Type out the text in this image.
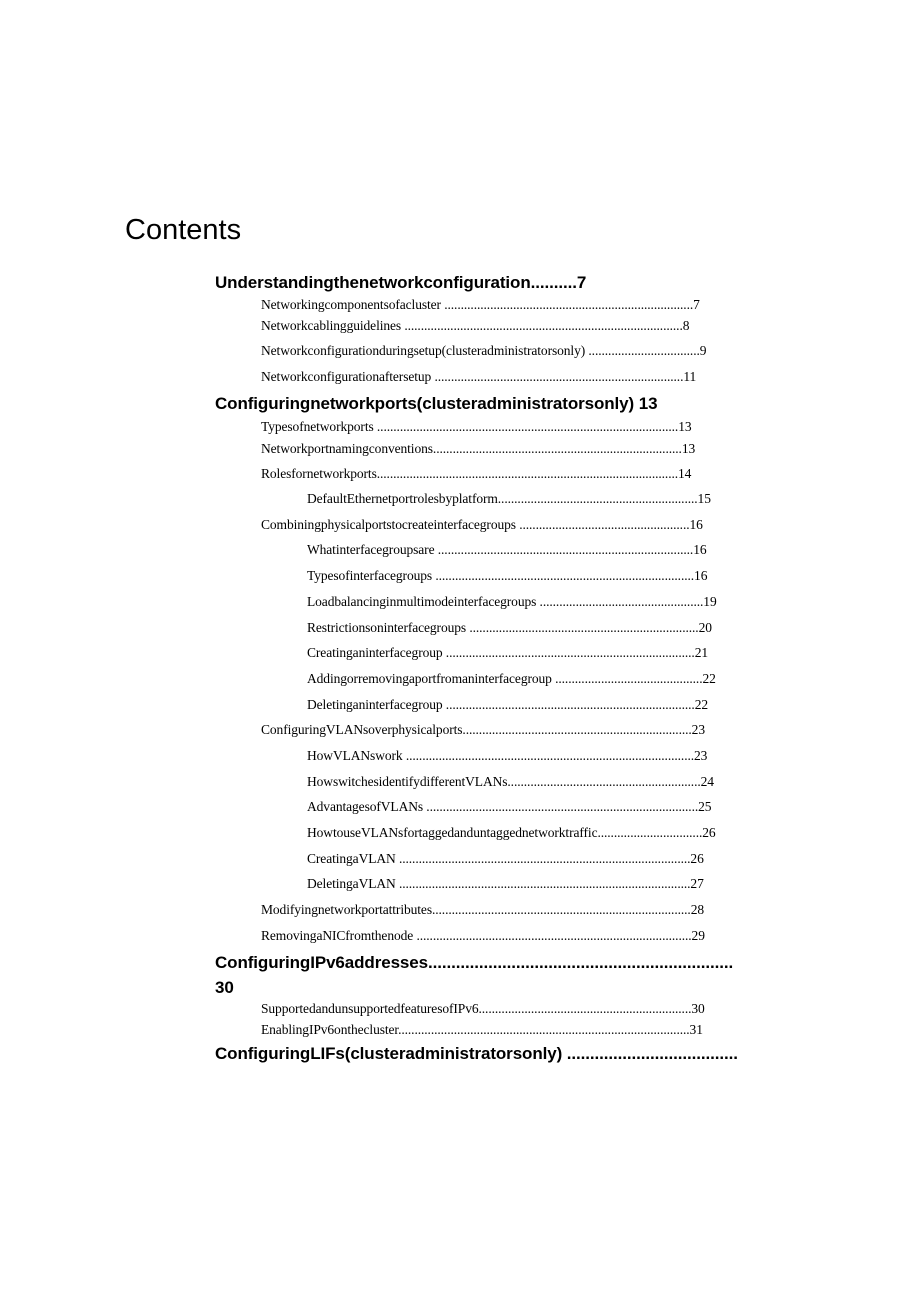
Contents
Understandingthenetworkconfiguration..........7
Networkingcomponentsofacluster ............................................................................7
Networkcablingguidelines .....................................................................................8
Networkconfigurationduringsetup(clusteradministratorsonly) ..................................9
Networkconfigurationaftersetup ............................................................................11
Configuringnetworkports(clusteradministratorsonly) 13
Typesofnetworkports ............................................................................................13
Networkportnamingconventions............................................................................13
Rolesfornetworkports............................................................................................14
DefaultEthernetportrolesbyplatform.............................................................15
Combiningphysicalportstocreateinterfacegroups ....................................................16
Whatinterfacegroupsare ..............................................................................16
Typesofinterfacegroups ...............................................................................16
Loadbalancinginmultimodeinterfacegroups ..................................................19
Restrictionsoninterfacegroups ......................................................................20
Creatinganinterfacegroup ............................................................................21
Addingorremovingaportfromaninterfacegroup .............................................22
Deletinganinterfacegroup ............................................................................22
ConfiguringVLANsoverphysicalports......................................................................23
HowVLANswork ........................................................................................23
HowswitchesidentifydifferentVLANs...........................................................24
AdvantagesofVLANs ...................................................................................25
HowtouseVLANsfortaggedanduntaggednetworktraffic................................26
CreatingaVLAN .........................................................................................26
DeletingaVLAN .........................................................................................27
Modifyingnetworkportattributes...............................................................................28
RemovingaNICfromthenode ....................................................................................29
ConfiguringIPv6addresses..................................................................
30
SupportedandunsupportedfeaturesofIPv6.................................................................30
EnablingIPv6onthecluster.........................................................................................31
ConfiguringLIFs(clusteradministratorsonly) .....................................
